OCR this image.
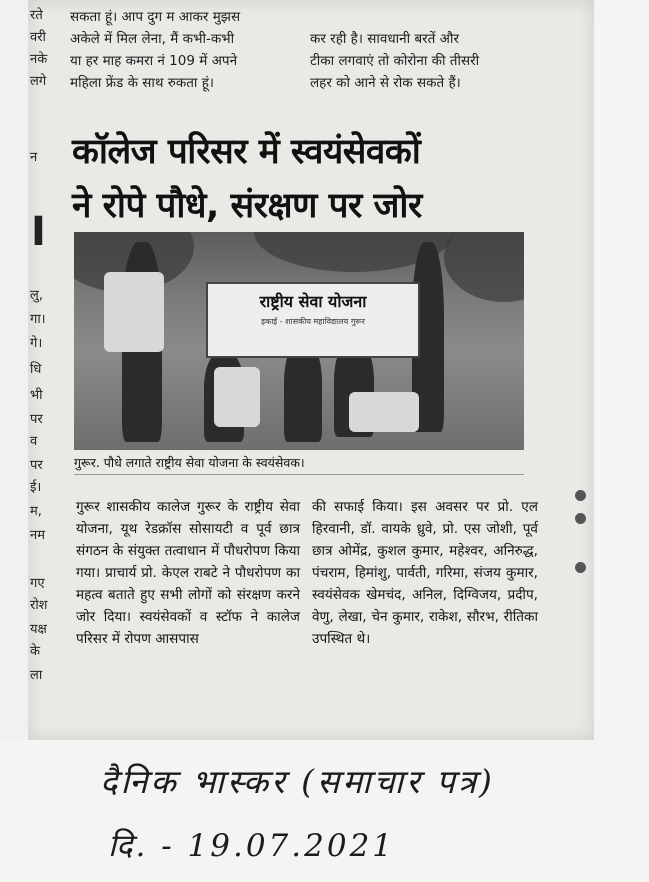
रते
वरी
नके
लगे
न
I
लु,
गा।
गे।
धि
भी
पर
व
पर
ई।
म,
नम
गए
रोश
यक्ष
के
ला
सकता हूं। आप दुग म आकर मुझस
अकेले में मिल लेना, मैं कभी-कभी
या हर माह कमरा नं 109 में अपने
महिला फ्रेंड के साथ रुकता हूं।
कर रही है। सावधानी बरतें और
टीका लगवाएं तो कोरोना की तीसरी
लहर को आने से रोक सकते हैं।
कॉलेज परिसर में स्वयंसेवकों
ने रोपे पौधे, संरक्षण पर जोर
राष्ट्रीय सेवा योजना
इकाई - शासकीय महाविद्यालय गुरूर
गुरूर. पौधे लगाते राष्ट्रीय सेवा योजना के स्वयंसेवक।
गुरूर शासकीय कालेज गुरूर के राष्ट्रीय सेवा योजना, यूथ रेडक्रॉस सोसायटी व पूर्व छात्र संगठन के संयुक्त तत्वाधान में पौधरोपण किया गया। प्राचार्य प्रो. केएल राबटे ने पौधरोपण का महत्व बताते हुए सभी लोगों को संरक्षण करने जोर दिया। स्वयंसेवकों व स्टॉफ ने कालेज परिसर में रोपण आसपास
की सफाई किया। इस अवसर पर प्रो. एल हिरवानी, डॉ. वायके ध्रुवे, प्रो. एस जोशी, पूर्व छात्र ओमेंद्र, कुशल कुमार, महेश्वर, अनिरुद्ध, पंचराम, हिमांशु, पार्वती, गरिमा, संजय कुमार, स्वयंसेवक खेमचंद, अनिल, दिग्विजय, प्रदीप, वेणु, लेखा, चेन कुमार, राकेश, सौरभ, रीतिका उपस्थित थे।
दैनिक भास्कर (समाचार पत्र)
दि. - 19.07.2021
